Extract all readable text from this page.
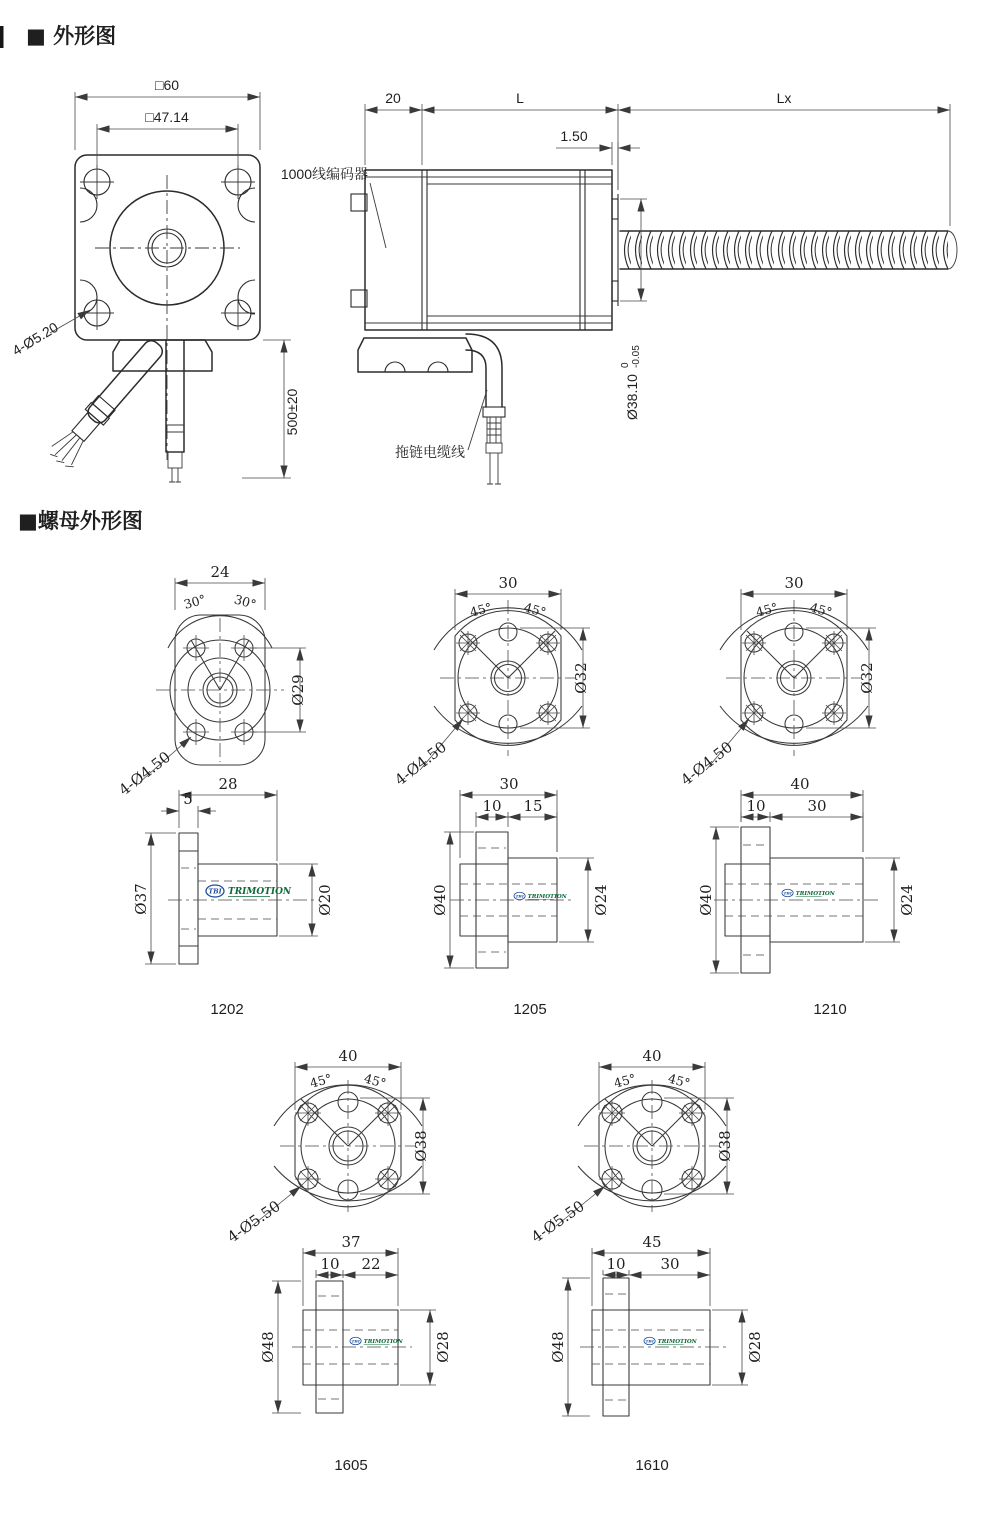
■ 外形图
■螺母外形图
□60
□47.14
4-Ø5.20
500±20
20	L	Lx
1.50
Ø38.10
0 -0.05
1000线编码器
拖链电缆线
24
30° 30°
Ø29
4-Ø4.50
30
45° 45°
Ø32
4-Ø4.50
30
45° 45°
Ø32
4-Ø4.50
TBI TRIMOTION
28
5
Ø37	Ø20
1202
TBI TRIMOTION
30
10 15
Ø40	Ø24
1205
TBI TRIMOTION
40
10	30
Ø40	Ø24
1210
40
45° 45°
Ø38
4-Ø5.50
40
45° 45°
Ø38
4-Ø5.50
TBI TRIMOTION
37
10 22
Ø48	Ø28
1605
TBI TRIMOTION
45
10 30
Ø48	Ø28
1610
